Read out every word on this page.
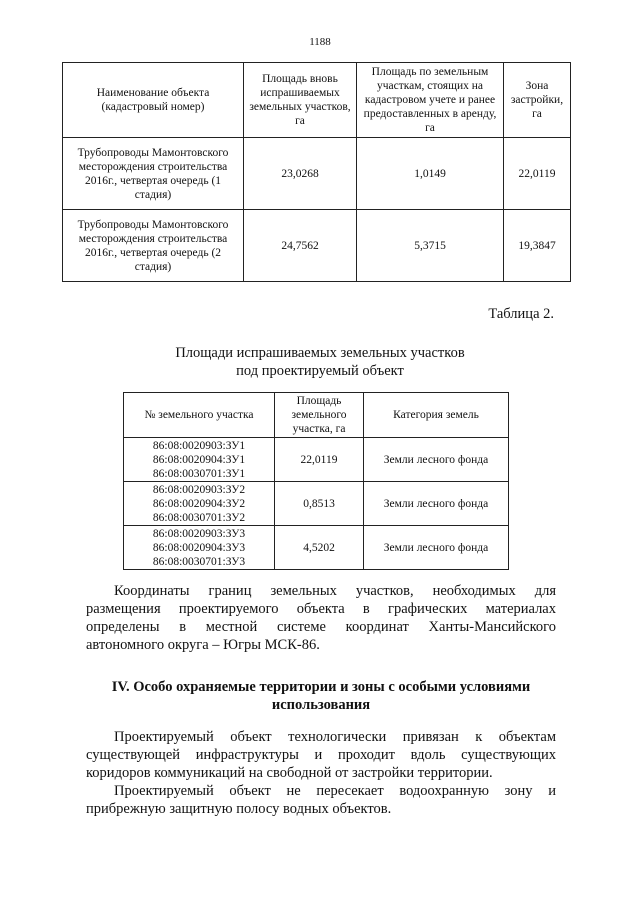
1188
Наименование объекта (кадастровый номер)	Площадь вновь испрашиваемых земельных участков, га	Площадь по земельным участкам, стоящих на кадастровом учете и ранее предоставленных в аренду, га	Зона застройки, га
Трубопроводы Мамонтовского месторождения строительства 2016г., четвертая очередь (1 стадия)	23,0268	1,0149	22,0119
Трубопроводы Мамонтовского месторождения строительства 2016г., четвертая очередь (2 стадия)	24,7562	5,3715	19,3847
Таблица 2.
Площади испрашиваемых земельных участков
под проектируемый объект
№ земельного участка	Площадь земельного участка, га	Категория земель

86:08:0020903:ЗУ1
86:08:0020904:ЗУ1
86:08:0030701:ЗУ1	22,0119	Земли лесного фонда

86:08:0020903:ЗУ2
86:08:0020904:ЗУ2
86:08:0030701:ЗУ2	0,8513	Земли лесного фонда

86:08:0020903:ЗУ3
86:08:0020904:ЗУ3
86:08:0030701:ЗУ3	4,5202	Земли лесного фонда

Координаты границ земельных участков, необходимых для размещения проектируемого объекта в графических материалах определены в местной системе координат Ханты-Мансийского автономного округа – Югры МСК-86.

IV. Особо охраняемые территории и зоны с особыми условиями использования

Проектируемый объект технологически привязан к объектам существующей инфраструктуры и проходит вдоль существующих коридоров коммуникаций на свободной от застройки территории.

Проектируемый объект не пересекает водоохранную зону и прибрежную защитную полосу водных объектов.
